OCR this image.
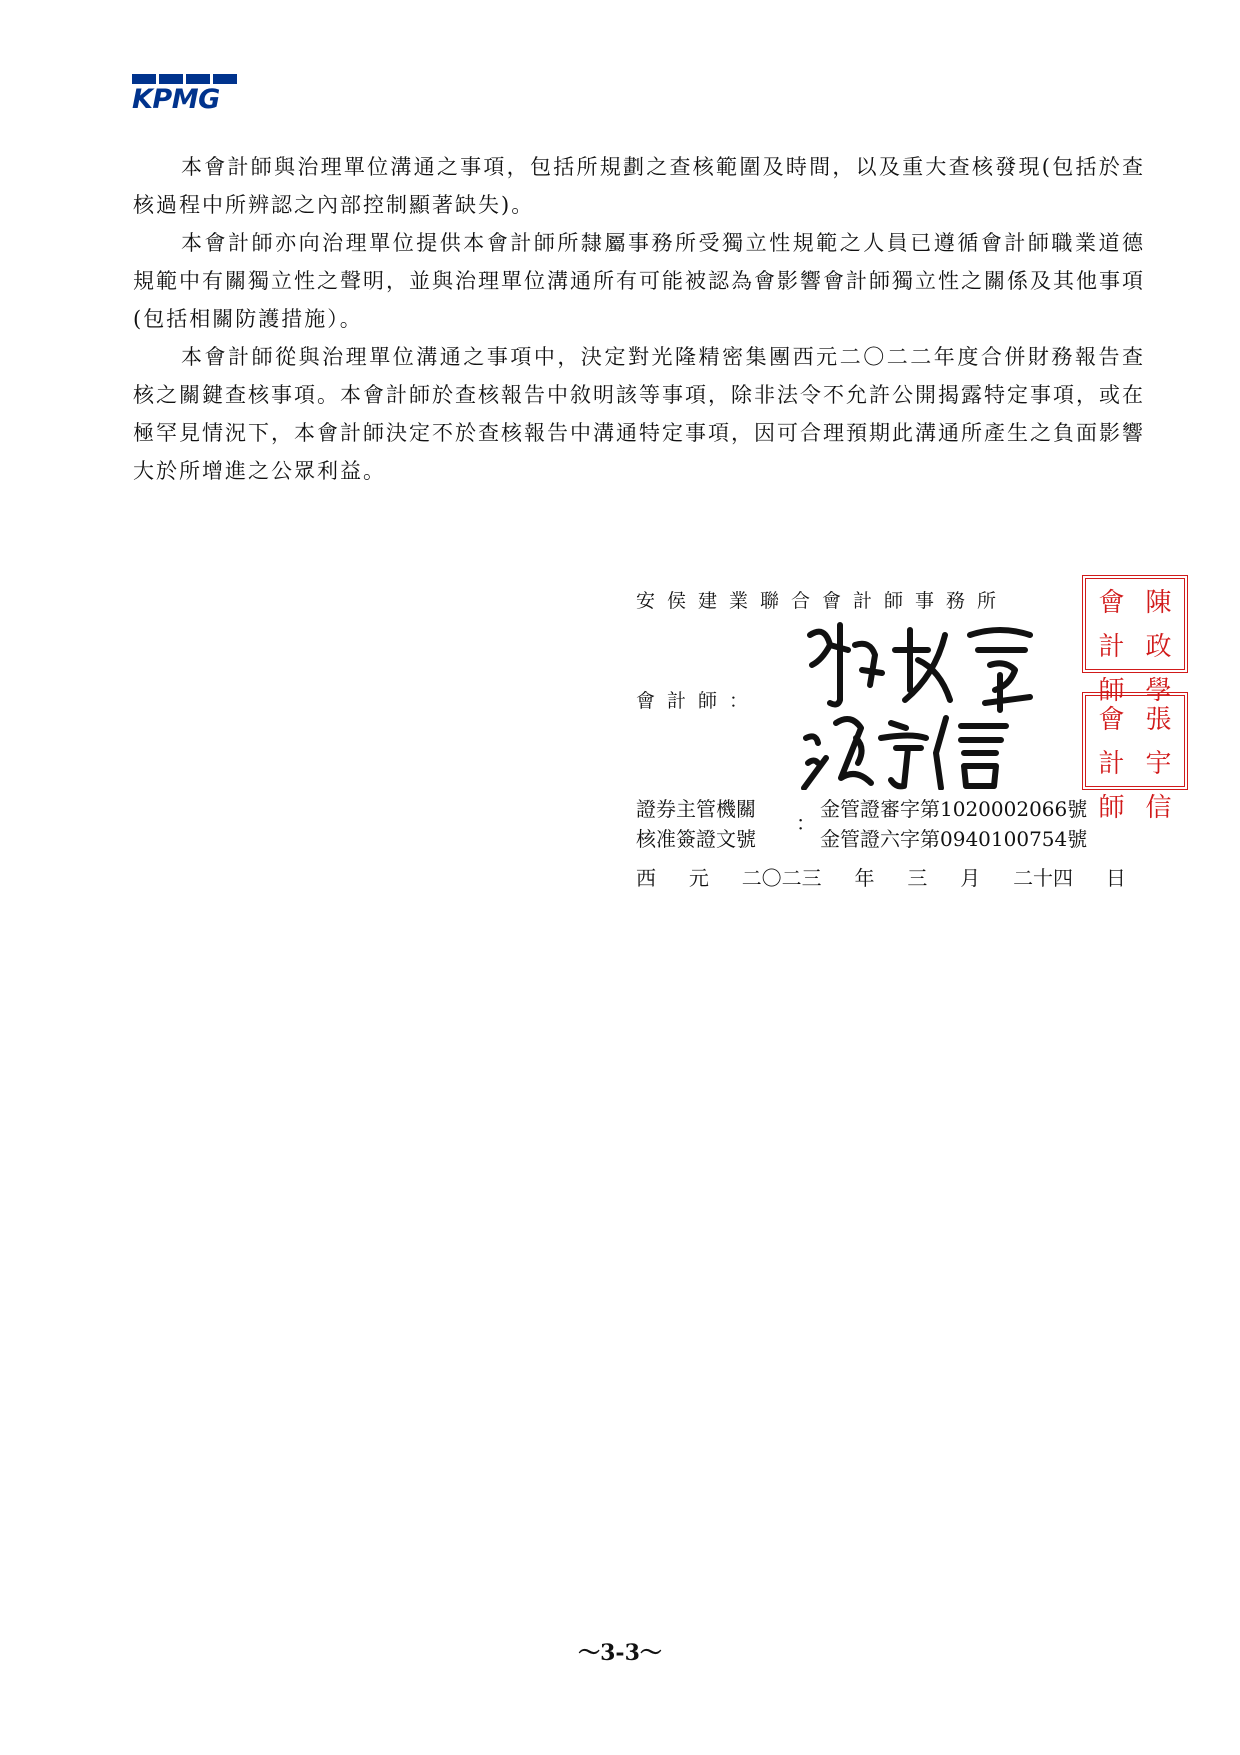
KPMG

本會計師與治理單位溝通之事項，包括所規劃之查核範圍及時間，以及重大查核發現(包括於查核過程中所辨認之內部控制顯著缺失)。

本會計師亦向治理單位提供本會計師所隸屬事務所受獨立性規範之人員已遵循會計師職業道德規範中有關獨立性之聲明，並與治理單位溝通所有可能被認為會影響會計師獨立性之關係及其他事項(包括相關防護措施）。

本會計師從與治理單位溝通之事項中，決定對光隆精密集團西元二〇二二年度合併財務報告查核之關鍵查核事項。本會計師於查核報告中敘明該等事項，除非法令不允許公開揭露特定事項，或在極罕見情況下，本會計師決定不於查核報告中溝通特定事項，因可合理預期此溝通所產生之負面影響大於所增進之公眾利益。

安侯建業聯合會計師事務所
會計師：
會 陳
計 政
師 學
會 張
計 宇
師 信
證券主管機關
核准簽證文號
：
金管證審字第1020002066號
金管證六字第0940100754號
西 元 二〇二三 年 三 月 二十四 日
～3-3～
